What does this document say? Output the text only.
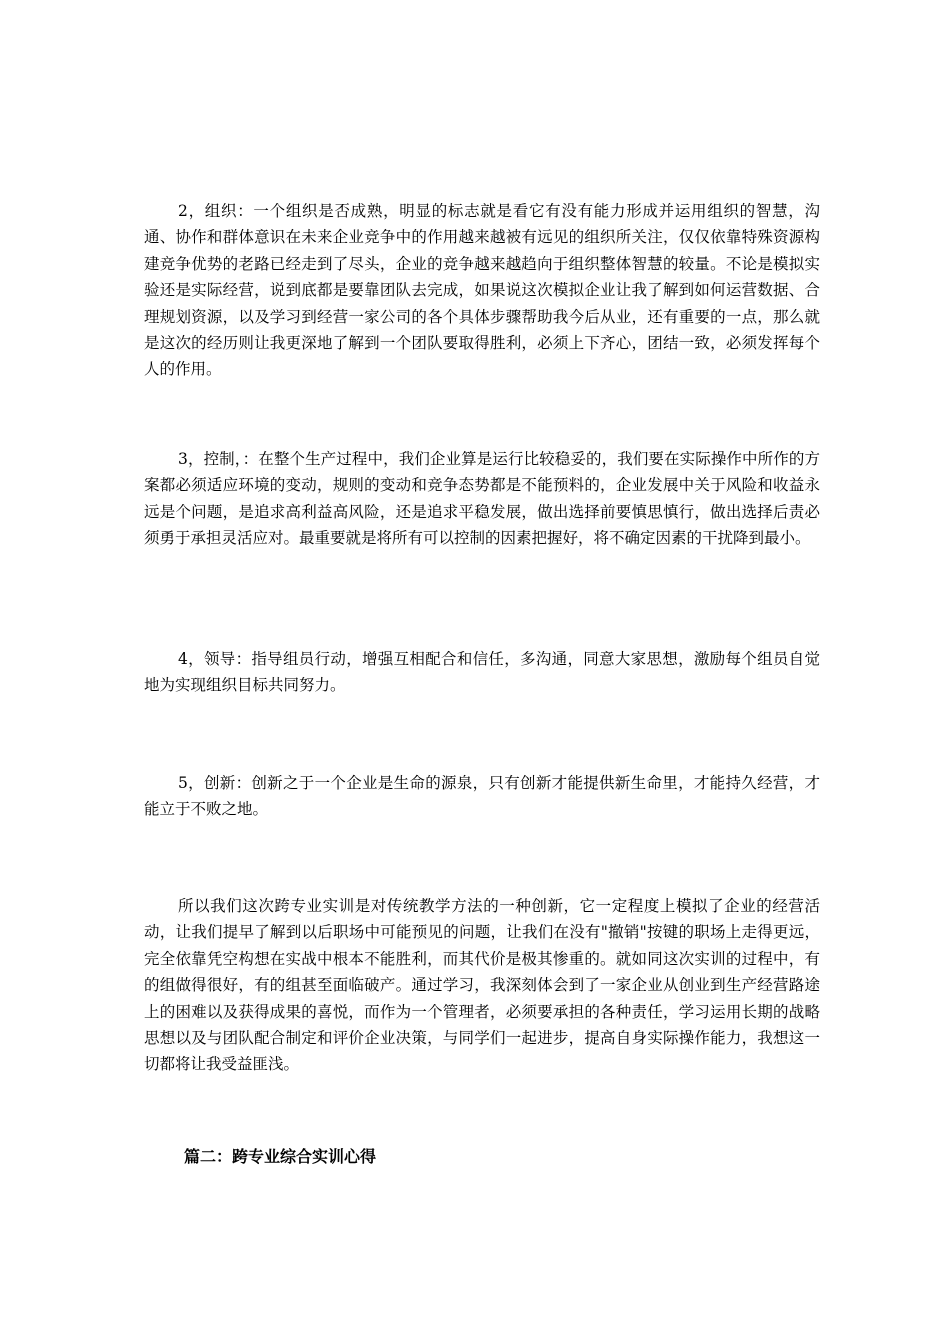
2，组织：一个组织是否成熟，明显的标志就是看它有没有能力形成并运用组织的智慧，沟通、协作和群体意识在未来企业竞争中的作用越来越被有远见的组织所关注，仅仅依靠特殊资源构建竞争优势的老路已经走到了尽头，企业的竞争越来越趋向于组织整体智慧的较量。不论是模拟实验还是实际经营，说到底都是要靠团队去完成，如果说这次模拟企业让我了解到如何运营数据、合理规划资源，以及学习到经营一家公司的各个具体步骤帮助我今后从业，还有重要的一点，那么就是这次的经历则让我更深地了解到一个团队要取得胜利，必须上下齐心，团结一致，必须发挥每个人的作用。

3，控制，：在整个生产过程中，我们企业算是运行比较稳妥的，我们要在实际操作中所作的方案都必须适应环境的变动，规则的变动和竞争态势都是不能预料的，企业发展中关于风险和收益永远是个问题，是追求高利益高风险，还是追求平稳发展，做出选择前要慎思慎行，做出选择后责必须勇于承担灵活应对。最重要就是将所有可以控制的因素把握好，将不确定因素的干扰降到最小。

4，领导：指导组员行动，增强互相配合和信任，多沟通，同意大家思想，激励每个组员自觉地为实现组织目标共同努力。

5，创新：创新之于一个企业是生命的源泉，只有创新才能提供新生命里，才能持久经营，才能立于不败之地。

所以我们这次跨专业实训是对传统教学方法的一种创新，它一定程度上模拟了企业的经营活动，让我们提早了解到以后职场中可能预见的问题，让我们在没有"撤销"按键的职场上走得更远，完全依靠凭空构想在实战中根本不能胜利，而其代价是极其惨重的。就如同这次实训的过程中，有的组做得很好，有的组甚至面临破产。通过学习，我深刻体会到了一家企业从创业到生产经营路途上的困难以及获得成果的喜悦，而作为一个管理者，必须要承担的各种责任，学习运用长期的战略思想以及与团队配合制定和评价企业决策，与同学们一起进步，提高自身实际操作能力，我想这一切都将让我受益匪浅。

篇二：跨专业综合实训心得
